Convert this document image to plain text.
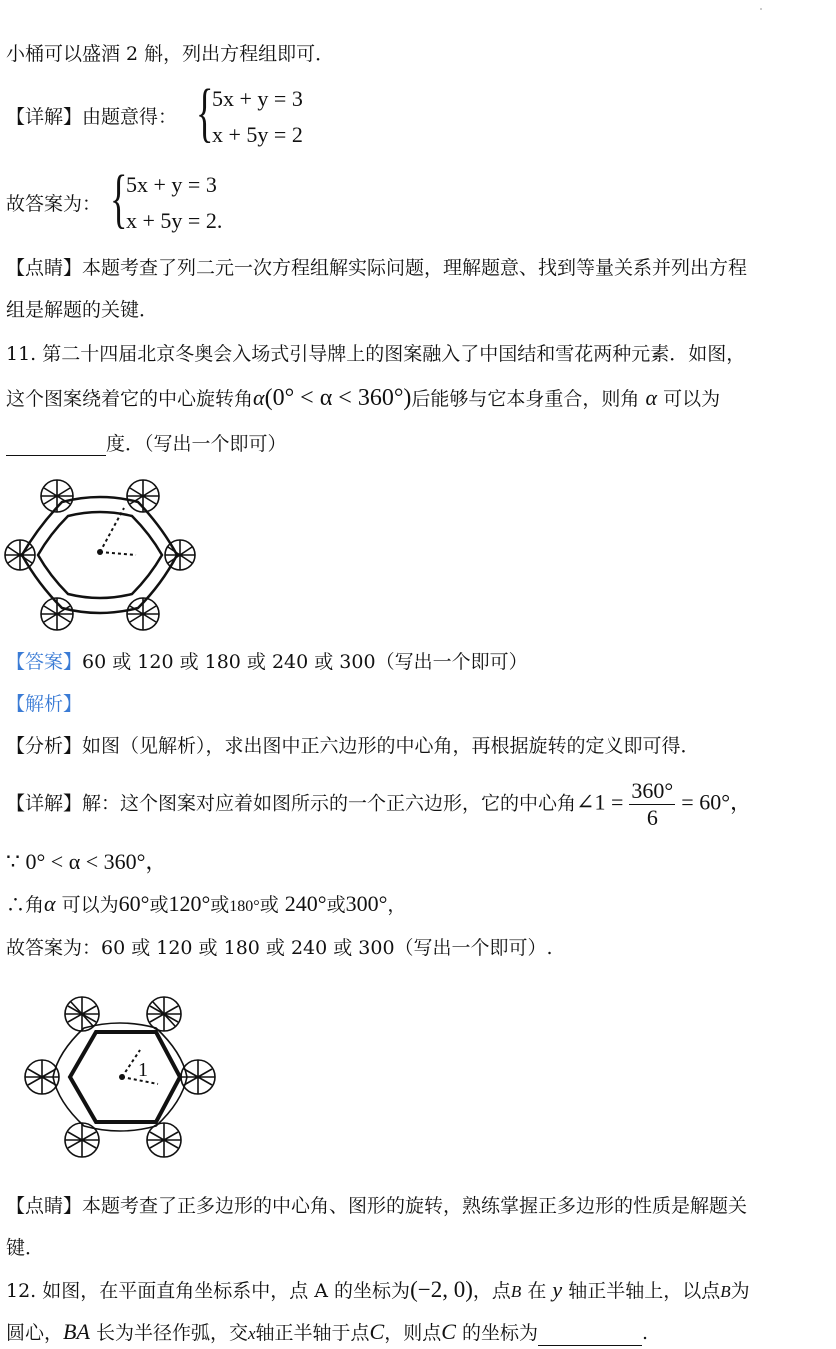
小桶可以盛酒 2 斛，列出方程组即可．
【详解】由题意得： {
5x + y = 3
x + 5y = 2
故答案为： {
5x + y = 3
x + 5y = 2.
【点睛】本题考查了列二元一次方程组解实际问题，理解题意、找到等量关系并列出方程
组是解题的关键．
11. 第二十四届北京冬奥会入场式引导牌上的图案融入了中国结和雪花两种元素．如图，
这个图案绕着它的中心旋转角α(0° < α < 360°)后能够与它本身重合，则角 α 可以为
度．（写出一个即可）
【答案】60 或 120 或 180 或 240 或 300（写出一个即可）
【解析】
【分析】如图（见解析），求出图中正六边形的中心角，再根据旋转的定义即可得．
【详解】解：这个图案对应着如图所示的一个正六边形，它的中心角∠1 = $\frac{360^\circ}{6} = 60^\circ$，
∵ 0° < α < 360°，
∴角α 可以为60°或120°或180°或 240°或300°，
故答案为：60 或 120 或 180 或 240 或 300（写出一个即可）.
1
【点睛】本题考查了正多边形的中心角、图形的旋转，熟练掌握正多边形的性质是解题关
键．
12. 如图，在平面直角坐标系中，点 A 的坐标为(−2, 0)，点B 在 y 轴正半轴上，以点B为
圆心，BA 长为半径作弧，交x轴正半轴于点C，则点C 的坐标为	.
